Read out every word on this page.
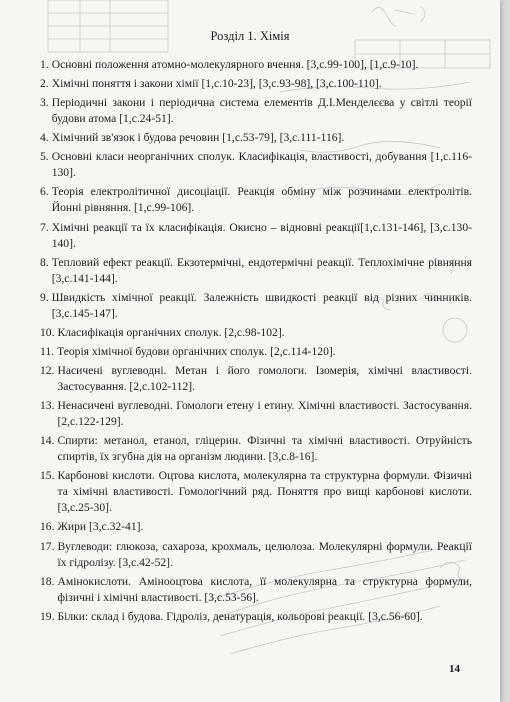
Розділ 1. Хімія
1. Основні положення атомно-молекулярного вчення. [3,с.99-100], [1,с.9-10].
2. Хімічні поняття і закони хімії [1,с.10-23], [3,с.93-98], [3,с.100-110].
3. Періодичні закони і періодична система елементів Д.І.Менделєєва у світлі теорії будови атома [1,с.24-51].
4. Хімічний зв'язок і будова речовин [1,с.53-79], [3,с.111-116].
5. Основні класи неорганічних сполук. Класифікація, властивості, добування [1,с.116-130].
6. Теорія електролітичної дисоціації. Реакція обміну між розчинами електролітів. Йонні рівняння. [1,с.99-106].
7. Хімічні реакції та їх класифікація. Окисно – відновні реакції[1,с.131-146], [3,с.130-140].
8. Тепловий ефект реакції. Екзотермічні, ендотермічні реакції. Теплохімічне рівняння [3,с.141-144].
9. Швидкість хімічної реакції. Залежність швидкості реакції від різних чинників. [3,с.145-147].
10. Класифікація органічних сполук. [2,с.98-102].
11. Теорія хімічної будови органічних сполук. [2,с.114-120].
12. Насичені вуглеводні. Метан і його гомологи. Ізомерія, хімічні властивості. Застосування. [2,с.102-112].
13. Ненасичені вуглеводні. Гомологи етену і етину. Хімічні властивості. Застосування. [2,с.122-129].
14. Спирти: метанол, етанол, гліцерин. Фізичні та хімічні властивості. Отруйність спиртів, їх згубна дія на організм людини. [3,с.8-16].
15. Карбонові кислоти. Оцтова кислота, молекулярна та структурна формули. Фізичні та хімічні властивості. Гомологічний ряд. Поняття про вищі карбонові кислоти. [3,с.25-30].
16. Жири [3,с.32-41].
17. Вуглеводи: глюкоза, сахароза, крохмаль, целюлоза. Молекулярні формули. Реакції їх гідролізу. [3,с.42-52].
18. Амінокислоти. Аміноoцтова кислота, її молекулярна та структурна формули, фізичні і хімічні властивості. [3,с.53-56].
19. Білки: склад і будова. Гідроліз, денатурація, кольорові реакції. [3,с.56-60].
14
